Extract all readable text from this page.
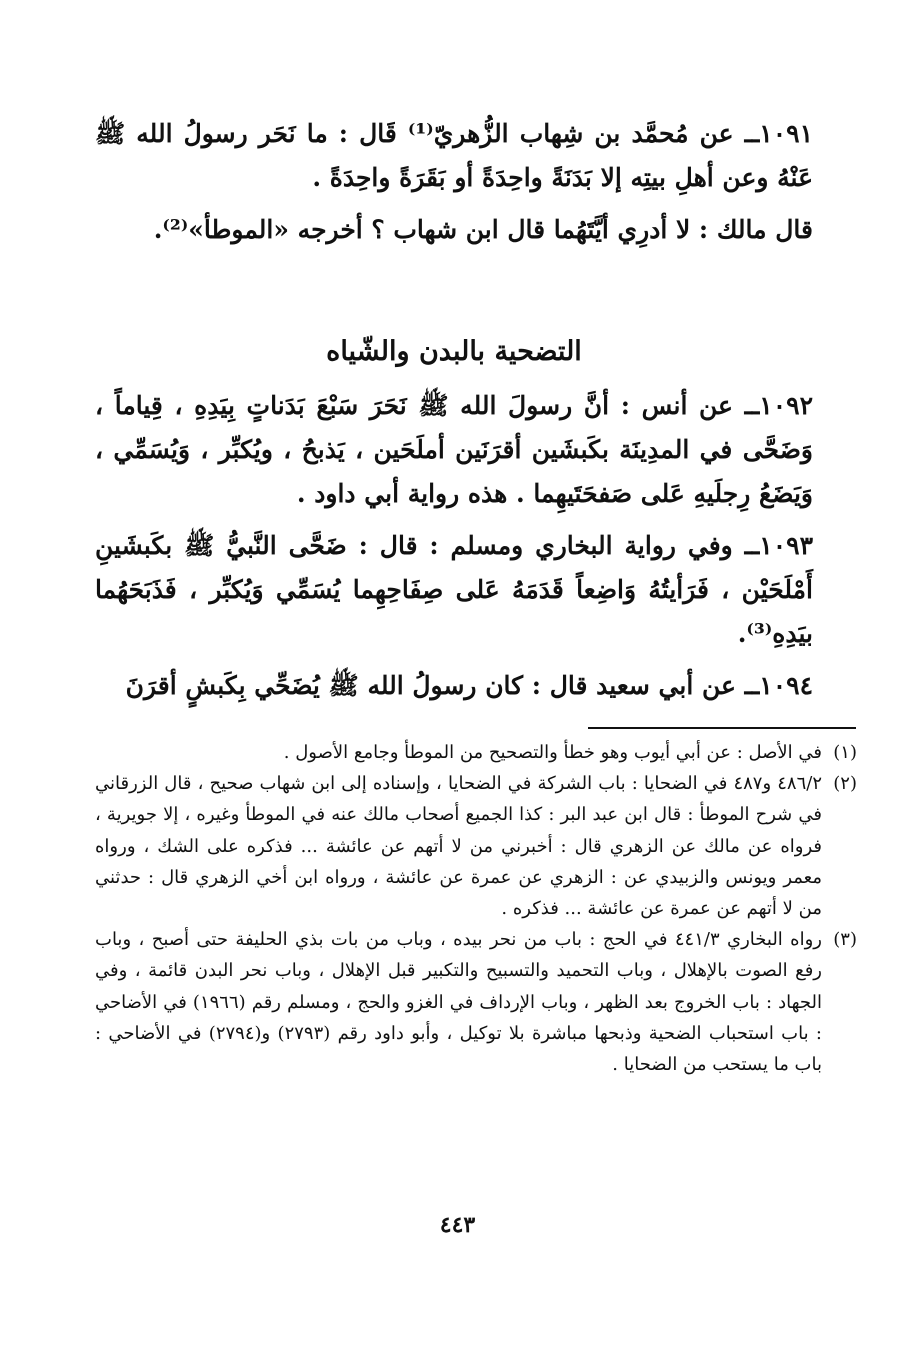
١٠٩١ــ عن مُحمَّد بن شِهاب الزُّهريّ⁽¹⁾ قَال : ما نَحَر رسولُ الله ﷺ عَنْهُ وعن أهلِ بيتِه إلا بَدَنَةً واحِدَةً أو بَقَرَةً واحِدَةً .

قال مالك : لا أدرِي أيَّتَهُما قال ابن شهاب ؟ أخرجه «الموطأ»⁽²⁾.

التضحية بالبدن والشّياه

١٠٩٢ــ عن أنس : أنَّ رسولَ الله ﷺ نَحَرَ سَبْعَ بَدَناتٍ بِيَدِهِ ، قِياماً ، وَضَحَّى في المدِينَة بكَبشَين أقرَنَين أملَحَين ، يَذبحُ ، ويُكبِّر ، وَيُسَمِّي ، وَيَضَعُ رِجلَيهِ عَلى صَفحَتَيهِما . هذه رواية أبي داود .

١٠٩٣ــ وفي رواية البخاري ومسلم : قال : ضَحَّى النَّبيُّ ﷺ بكَبشَينِ أَمْلَحَيْن ، فَرَأيتُهُ وَاضِعاً قَدَمَهُ عَلى صِفَاحِهِما يُسَمِّي وَيُكبِّر ، فَذَبَحَهُما بيَدِهِ⁽³⁾.

١٠٩٤ــ عن أبي سعيد قال : كان رسولُ الله ﷺ يُضَحِّي بِكَبشٍ أقرَنَ

(١)
في الأصل : عن أبي أيوب وهو خطأ والتصحيح من الموطأ وجامع الأصول .

(٢)
٤٨٦/٢ و٤٨٧ في الضحايا : باب الشركة في الضحايا ، وإسناده إلى ابن شهاب صحيح ، قال الزرقاني في شرح الموطأ : قال ابن عبد البر : كذا الجميع أصحاب مالك عنه في الموطأ وغيره ، إلا جويرية ، فرواه عن مالك عن الزهري قال : أخبرني من لا أتهم عن عائشة ... فذكره على الشك ، ورواه معمر ويونس والزبيدي عن : الزهري عن عمرة عن عائشة ، ورواه ابن أخي الزهري قال : حدثني من لا أتهم عن عمرة عن عائشة ... فذكره .

(٣)
رواه البخاري ٤٤١/٣ في الحج : باب من نحر بيده ، وباب من بات بذي الحليفة حتى أصبح ، وباب رفع الصوت بالإهلال ، وباب التحميد والتسبيح والتكبير قبل الإهلال ، وباب نحر البدن قائمة ، وفي الجهاد : باب الخروج بعد الظهر ، وباب الإرداف في الغزو والحج ، ومسلم رقم (١٩٦٦) في الأضاحي : باب استحباب الضحية وذبحها مباشرة بلا توكيل ، وأبو داود رقم (٢٧٩٣) و(٢٧٩٤) في الأضاحي : باب ما يستحب من الضحايا .

٤٤٣
